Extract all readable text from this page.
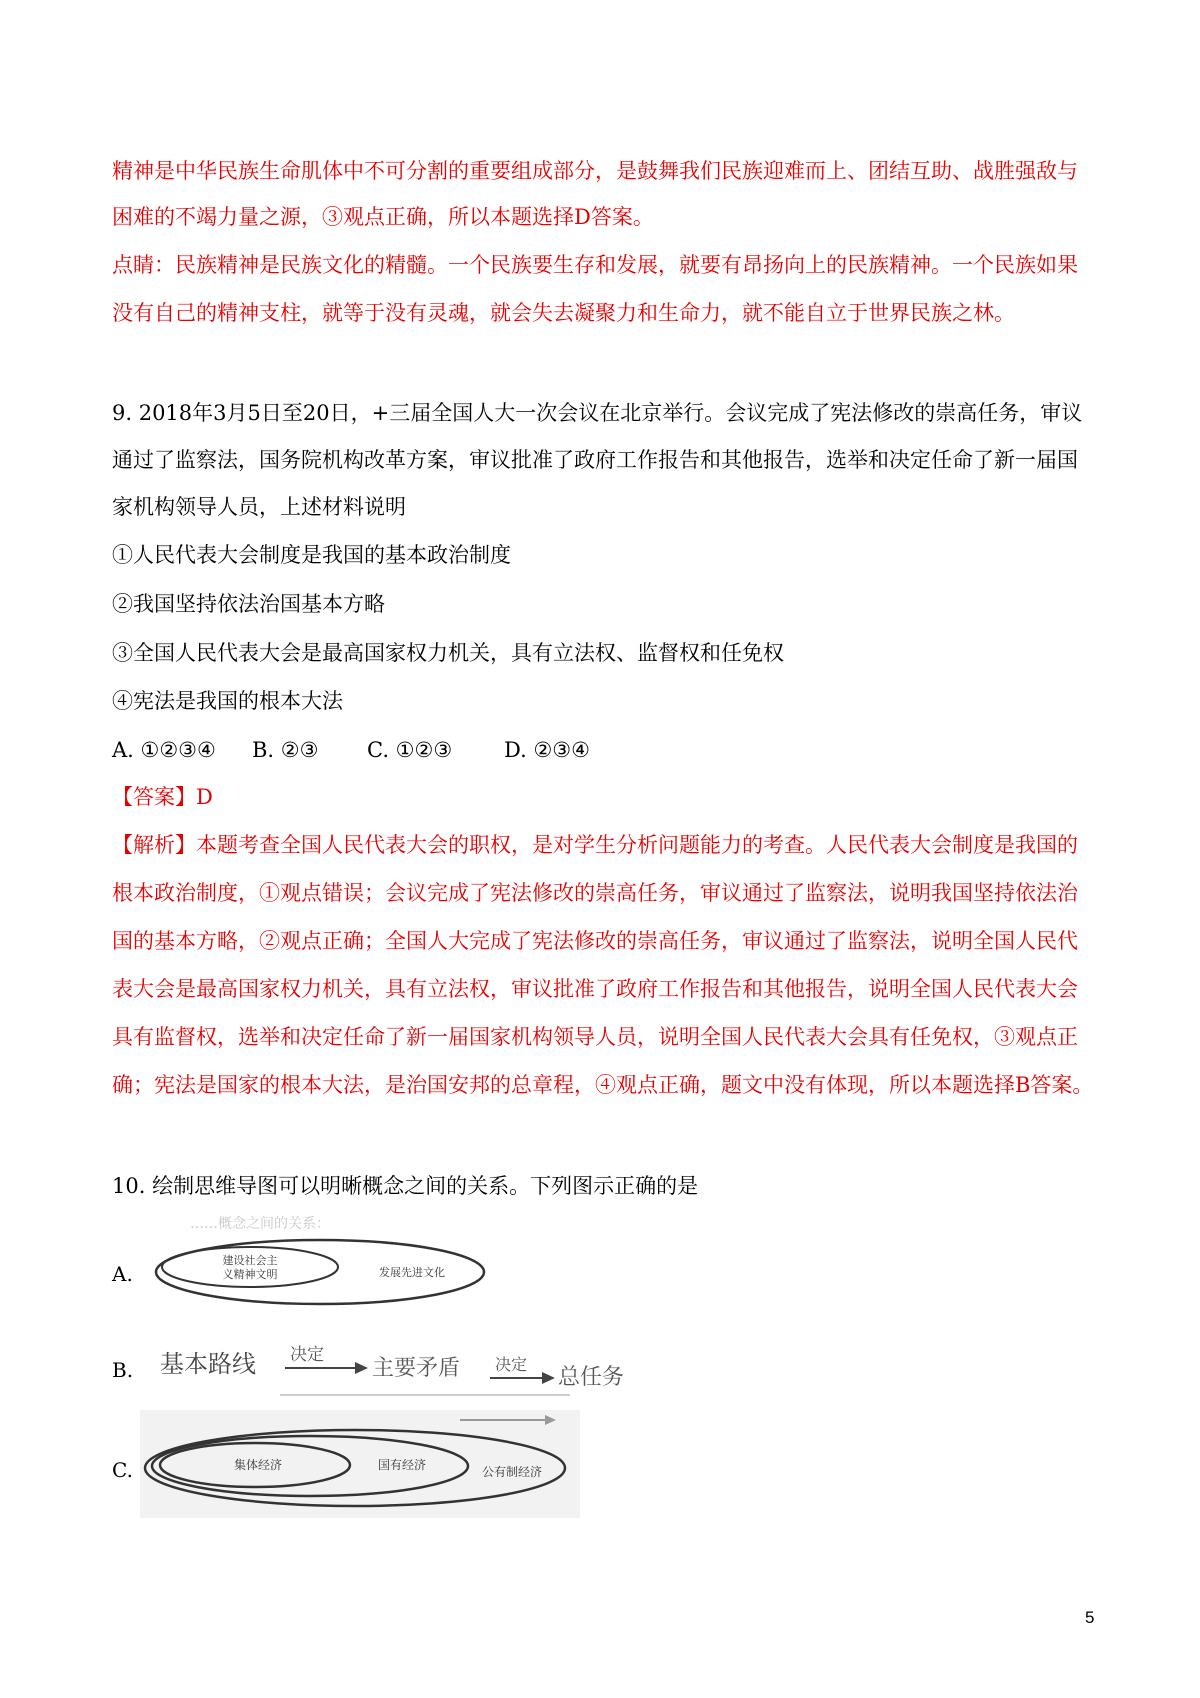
精神是中华民族生命肌体中不可分割的重要组成部分，是鼓舞我们民族迎难而上、团结互助、战胜强敌与
困难的不竭力量之源，③观点正确，所以本题选择D答案。
点睛：民族精神是民族文化的精髓。一个民族要生存和发展，就要有昂扬向上的民族精神。一个民族如果
没有自己的精神支柱，就等于没有灵魂，就会失去凝聚力和生命力，就不能自立于世界民族之林。
9. 2018年3月5日至20日，+三届全国人大一次会议在北京举行。会议完成了宪法修改的崇高任务，审议
通过了监察法，国务院机构改革方案，审议批准了政府工作报告和其他报告，选举和决定任命了新一届国
家机构领导人员，上述材料说明
①人民代表大会制度是我国的基本政治制度
②我国坚持依法治国基本方略
③全国人民代表大会是最高国家权力机关，具有立法权、监督权和任免权
④宪法是我国的根本大法
A. ①②③④ B. ②③ C. ①②③ D. ②③④
【答案】D
【解析】本题考查全国人民代表大会的职权，是对学生分析问题能力的考查。人民代表大会制度是我国的
根本政治制度，①观点错误；会议完成了宪法修改的崇高任务，审议通过了监察法，说明我国坚持依法治
国的基本方略，②观点正确；全国人大完成了宪法修改的崇高任务，审议通过了监察法，说明全国人民代
表大会是最高国家权力机关，具有立法权，审议批准了政府工作报告和其他报告，说明全国人民代表大会
具有监督权，选举和决定任命了新一届国家机构领导人员，说明全国人民代表大会具有任免权，③观点正
确；宪法是国家的根本大法，是治国安邦的总章程，④观点正确，题文中没有体现，所以本题选择B答案。
10. 绘制思维导图可以明晰概念之间的关系。下列图示正确的是
A.
……概念之间的关系：
建设社会主
义精神文明	发展先进文化
B. 基本路线 决定
主要矛盾 决定
总任务
C.	集体经济	国有经济	公有制经济
5
